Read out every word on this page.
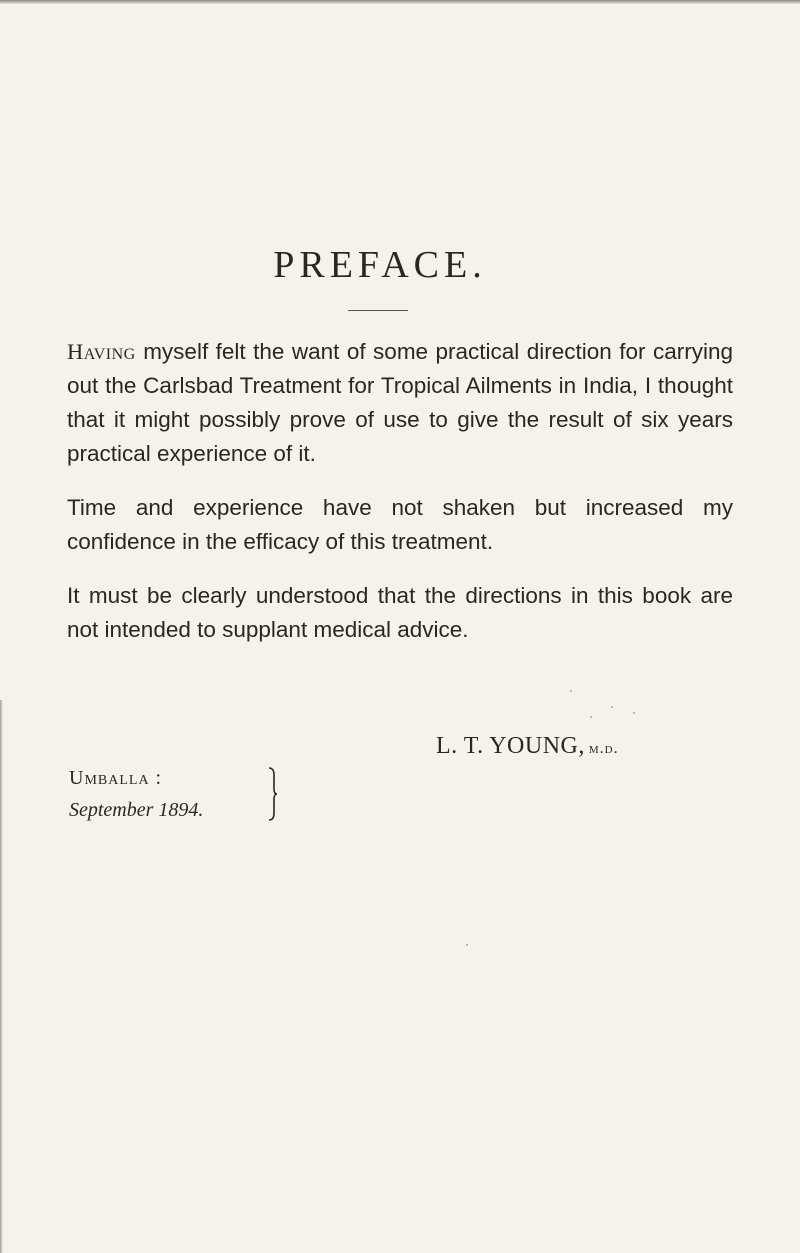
PREFACE.

Having myself felt the want of some practical direction for carrying out the Carlsbad Treatment for Tropical Ailments in India, I thought that it might possibly prove of use to give the result of six years practical experience of it.

Time and experience have not shaken but increased my confidence in the efficacy of this treatment.

It must be clearly understood that the directions in this book are not intended to supplant medical advice.

L. T. YOUNG, m.d.
Umballa :
September 1894.
